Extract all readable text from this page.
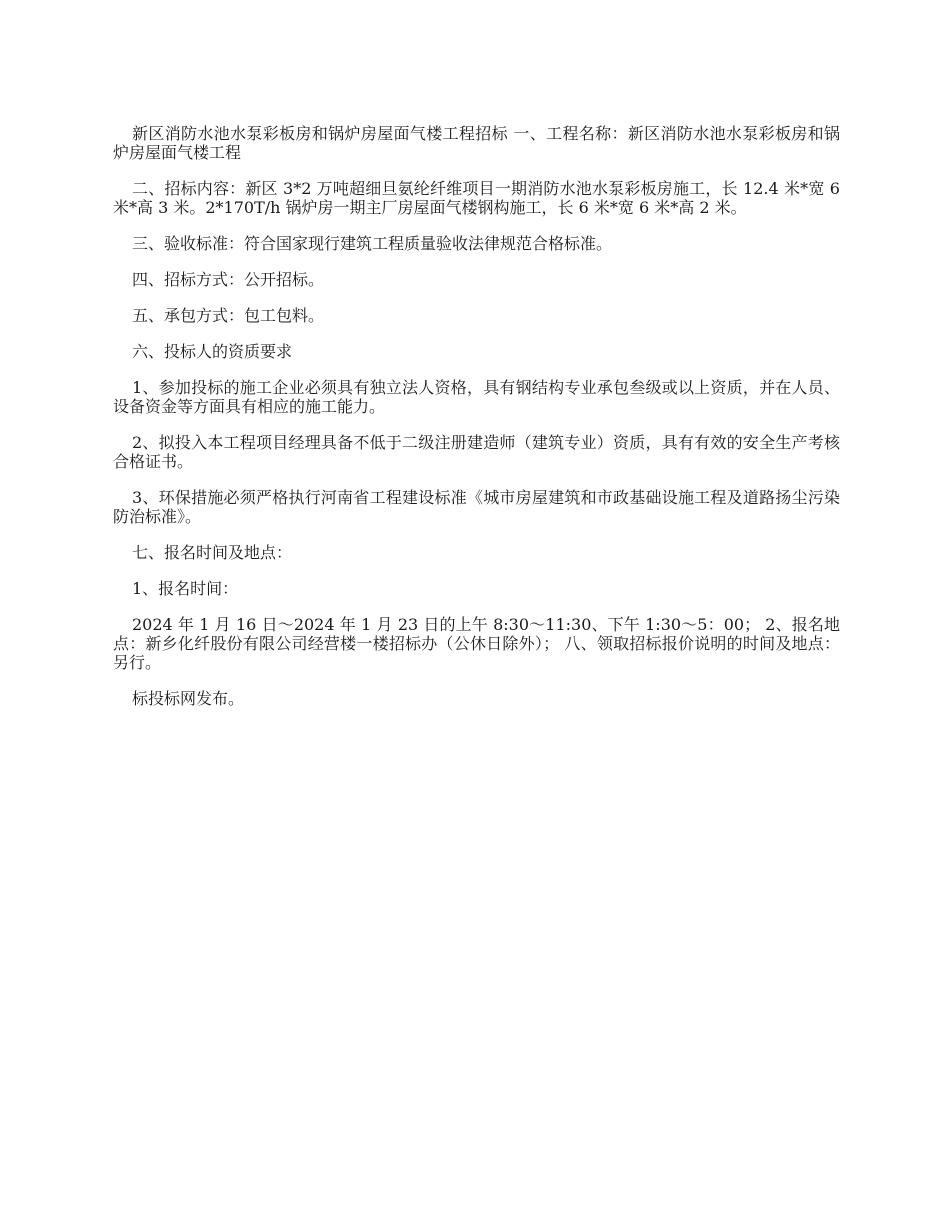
新区消防水池水泵彩板房和锅炉房屋面气楼工程招标 一、工程名称：新区消防水池水泵彩板房和锅炉房屋面气楼工程

二、招标内容：新区 3*2 万吨超细旦氨纶纤维项目一期消防水池水泵彩板房施工，长 12.4 米*宽 6 米*高 3 米。2*170T/h 锅炉房一期主厂房屋面气楼钢构施工，长 6 米*宽 6 米*高 2 米。

三、验收标准：符合国家现行建筑工程质量验收法律规范合格标准。

四、招标方式：公开招标。

五、承包方式：包工包料。

六、投标人的资质要求

1、参加投标的施工企业必须具有独立法人资格，具有钢结构专业承包叁级或以上资质，并在人员、设备资金等方面具有相应的施工能力。

2、拟投入本工程项目经理具备不低于二级注册建造师（建筑专业）资质，具有有效的安全生产考核合格证书。

3、环保措施必须严格执行河南省工程建设标准《城市房屋建筑和市政基础设施工程及道路扬尘污染防治标准》。

七、报名时间及地点：

1、报名时间：

2024 年 1 月 16 日～2024 年 1 月 23 日的上午 8:30～11:30、下午 1:30～5：00； 2、报名地点：新乡化纤股份有限公司经营楼一楼招标办（公休日除外）； 八、领取招标报价说明的时间及地点：另行。

标投标网发布。
